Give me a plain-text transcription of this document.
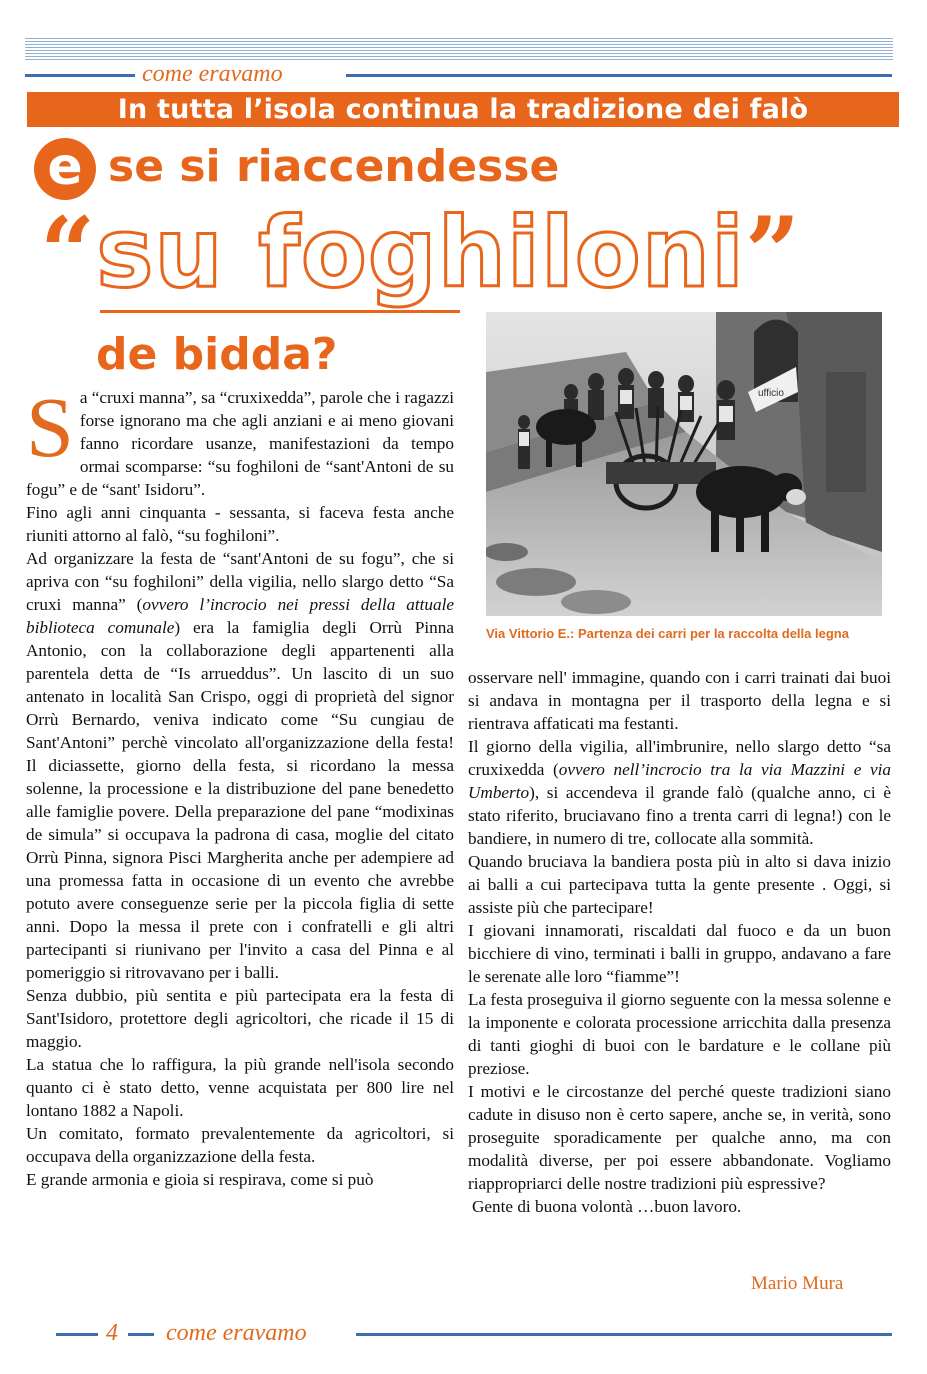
come eravamo
In tutta l’isola continua la tradizione dei falò
e se si riaccendesse
ufficio
Via Vittorio E.: Partenza dei carri per la raccolta della legna
“su foghiloni”
de bidda?

Sa “cruxi manna”, sa “cruxixedda”, parole che i ragazzi forse ignorano ma che agli anziani e ai meno giovani fanno ricordare usanze, manifestazioni da tempo ormai scomparse: “su foghiloni de “sant'Antoni de su fogu” e de “sant' Isidoru”.

Fino agli anni cinquanta - sessanta, si faceva festa anche riuniti attorno al falò, “su foghiloni”.

Ad organizzare la festa de “sant'Antoni de su fogu”, che si apriva con “su foghiloni” della vigilia, nello slargo detto “Sa cruxi manna” (ovvero l’incrocio nei pressi della attuale biblioteca comunale) era la famiglia degli Orrù Pinna Antonio, con la collaborazione degli appartenenti alla parentela detta de “Is arrueddus”. Un lascito di un suo antenato in località San Crispo, oggi di proprietà del signor Orrù Bernardo, veniva indicato come “Su cungiau de Sant'Antoni” perchè vincolato all'organizzazione della festa! Il diciassette, giorno della festa, si ricordano la messa solenne, la processione e la distribuzione del pane benedetto alle famiglie povere. Della preparazione del pane “modixinas de simula” si occupava la padrona di casa, moglie del citato Orrù Pinna, signora Pisci Margherita anche per adempiere ad una promessa fatta in occasione di un evento che avrebbe potuto avere conseguenze serie per la piccola figlia di sette anni. Dopo la messa il prete con i confratelli e gli altri partecipanti si riunivano per l'invito a casa del Pinna e al pomeriggio si ritrovavano per i balli.

Senza dubbio, più sentita e più partecipata era la festa di Sant'Isidoro, protettore degli agricoltori, che ricade il 15 di maggio.

La statua che lo raffigura, la più grande nell'isola secondo quanto ci è stato detto, venne acquistata per 800 lire nel lontano 1882 a Napoli.

Un comitato, formato prevalentemente da agricoltori, si occupava della organizzazione della festa.

E grande armonia e gioia si respirava, come si può

osservare nell' immagine, quando con i carri trainati dai buoi si andava in montagna per il trasporto della legna e si rientrava affaticati ma festanti.

Il giorno della vigilia, all'imbrunire, nello slargo detto “sa cruxixedda (ovvero nell’incrocio tra la via Mazzini e via Umberto), si accendeva il grande falò (qualche anno, ci è stato riferito, bruciavano fino a trenta carri di legna!) con le bandiere, in numero di tre, collocate alla sommità.

Quando bruciava la bandiera posta più in alto si dava inizio ai balli a cui partecipava tutta la gente presente . Oggi, si assiste più che partecipare!

I giovani innamorati, riscaldati dal fuoco e da un buon bicchiere di vino, terminati i balli in gruppo, andavano a fare le serenate alle loro “fiamme”!

La festa proseguiva il giorno seguente con la messa solenne e la imponente e colorata processione arricchita dalla presenza di tanti gioghi di buoi con le bardature e le collane più preziose.

I motivi e le circostanze del perché queste tradizioni siano cadute in disuso non è certo sapere, anche se, in verità, sono proseguite sporadicamente per qualche anno, ma con modalità diverse, per poi essere abbandonate. Vogliamo riappropriarci delle nostre tradizioni più espressive?

Gente di buona volontà …buon lavoro.

Mario Mura
4 come eravamo
